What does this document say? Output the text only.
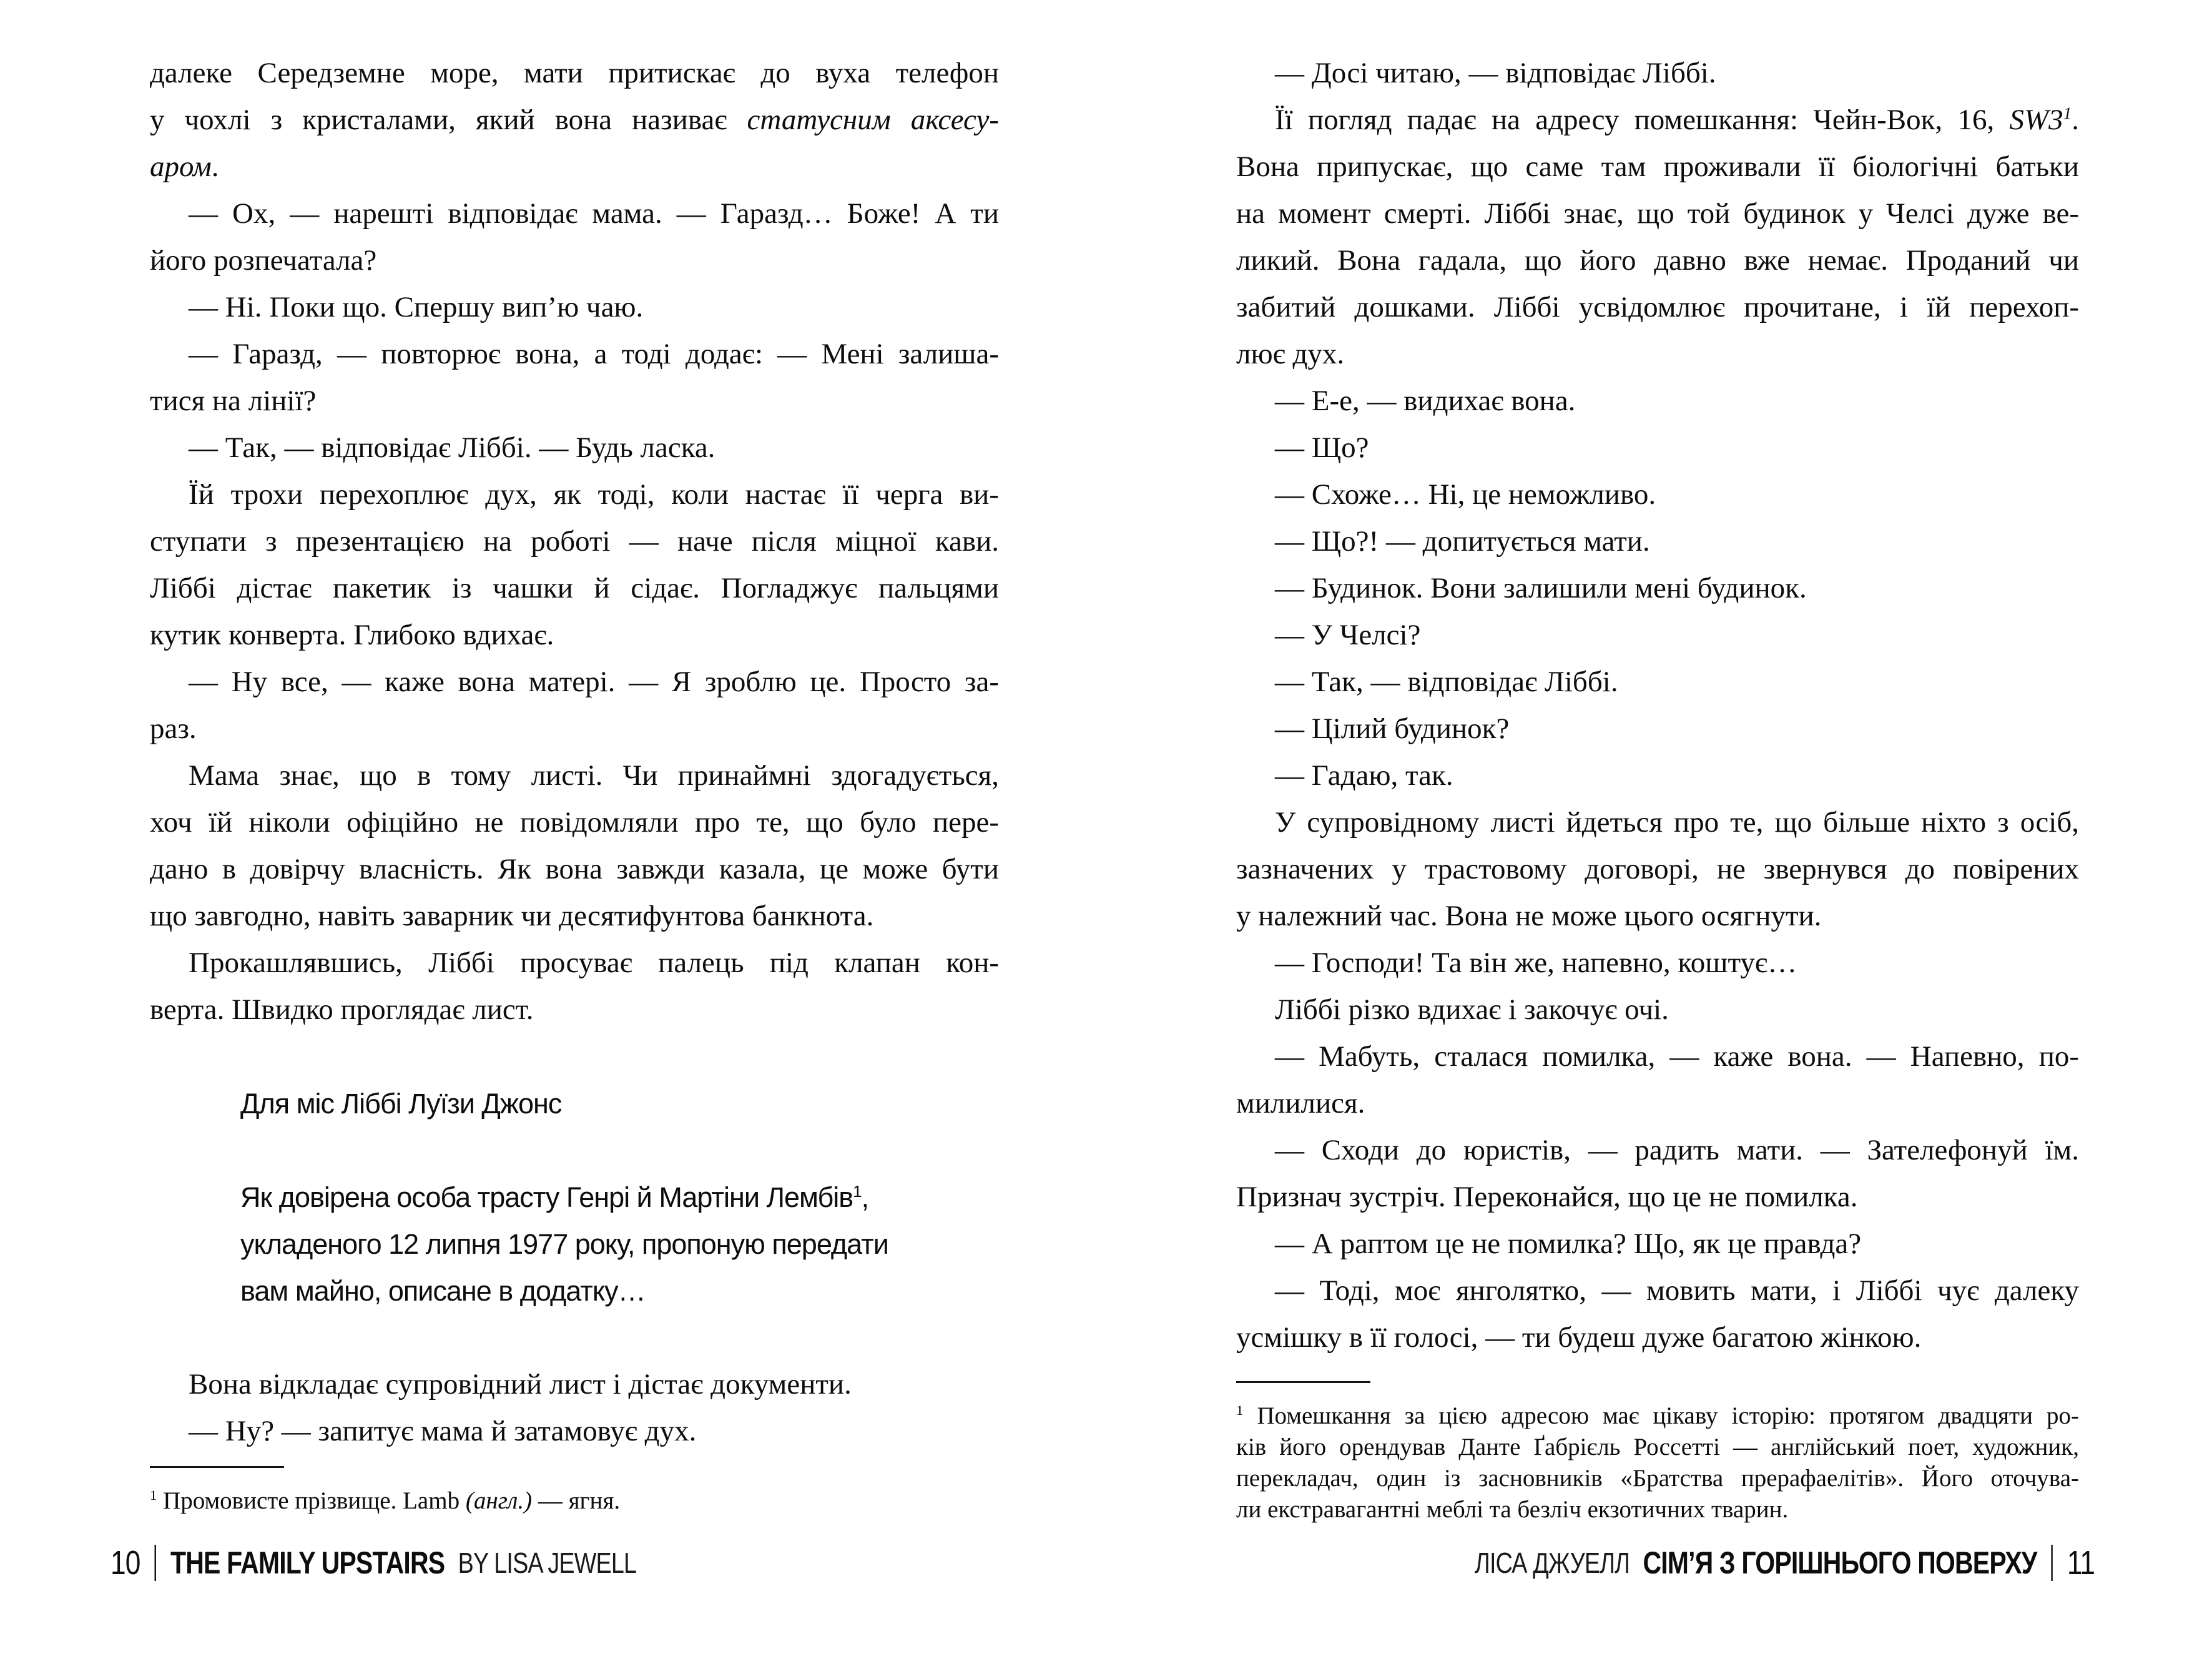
далеке Середземне море, мати притискає до вуха телефон
у чохлі з кристалами, який вона називає статусним аксесу-
аром.
— Ох, — нарешті відповідає мама. — Гаразд… Боже! А ти
його розпечатала?
— Ні. Поки що. Спершу вип’ю чаю.
— Гаразд, — повторює вона, а тоді додає: — Мені залиша-
тися на лінії?
— Так, — відповідає Ліббі. — Будь ласка.
Їй трохи перехоплює дух, як тоді, коли настає її черга ви-
ступати з презентацією на роботі — наче після міцної кави.
Ліббі дістає пакетик із чашки й сідає. Погладжує пальцями
кутик конверта. Глибоко вдихає.
— Ну все, — каже вона матері. — Я зроблю це. Просто за-
раз.
Мама знає, що в тому листі. Чи принаймні здогадується,
хоч їй ніколи офіційно не повідомляли про те, що було пере-
дано в довірчу власність. Як вона завжди казала, це може бути
що завгодно, навіть заварник чи десятифунтова банкнота.
Прокашлявшись, Ліббі просуває палець під клапан кон-
верта. Швидко проглядає лист.
Для міс Ліббі Луїзи Джонс
Як довірена особа трасту Генрі й Мартіни Лембів$^1$,
укладеного 12 липня 1977 року, пропоную передати
вам майно, описане в додатку…
Вона відкладає супровідний лист і дістає документи.
— Ну? — запитує мама й затамовує дух.
$^1$ Промовисте прізвище. Lamb (англ.) — ягня.
10 THE FAMILY UPSTAIRS BY LISA JEWELL
— Досі читаю, — відповідає Ліббі.
Її погляд падає на адресу помешкання: Чейн-Вок, 16, $SW3^1$.
Вона припускає, що саме там проживали її біологічні батьки
на момент смерті. Ліббі знає, що той будинок у Челсі дуже ве-
ликий. Вона гадала, що його давно вже немає. Проданий чи
забитий дошками. Ліббі усвідомлює прочитане, і їй перехоп-
лює дух.
— Е-е, — видихає вона.
— Що?
— Схоже… Ні, це неможливо.
— Що?! — допитується мати.
— Будинок. Вони залишили мені будинок.
— У Челсі?
— Так, — відповідає Ліббі.
— Цілий будинок?
— Гадаю, так.
У супровідному листі йдеться про те, що більше ніхто з осіб,
зазначених у трастовому договорі, не звернувся до повірених
у належний час. Вона не може цього осягнути.
— Господи! Та він же, напевно, коштує…
Ліббі різко вдихає і закочує очі.
— Мабуть, сталася помилка, — каже вона. — Напевно, по-
милилися.
— Сходи до юристів, — радить мати. — Зателефонуй їм.
Признач зустріч. Переконайся, що це не помилка.
— А раптом це не помилка? Що, як це правда?
— Тоді, моє янголятко, — мовить мати, і Ліббі чує далеку
усмішку в її голосі, — ти будеш дуже багатою жінкою.
$^1$ Помешкання за цією адресою має цікаву історію: протягом двадцяти ро-
ків його орендував Данте Ґабрієль Россетті — англійський поет, художник,
перекладач, один із засновників «Братства прерафаелітів». Його оточува-
ли екстравагантні меблі та безліч екзотичних тварин.
ЛІСА ДЖУЕЛЛ СІМ’Я З ГОРІШНЬОГО ПОВЕРХУ 11
